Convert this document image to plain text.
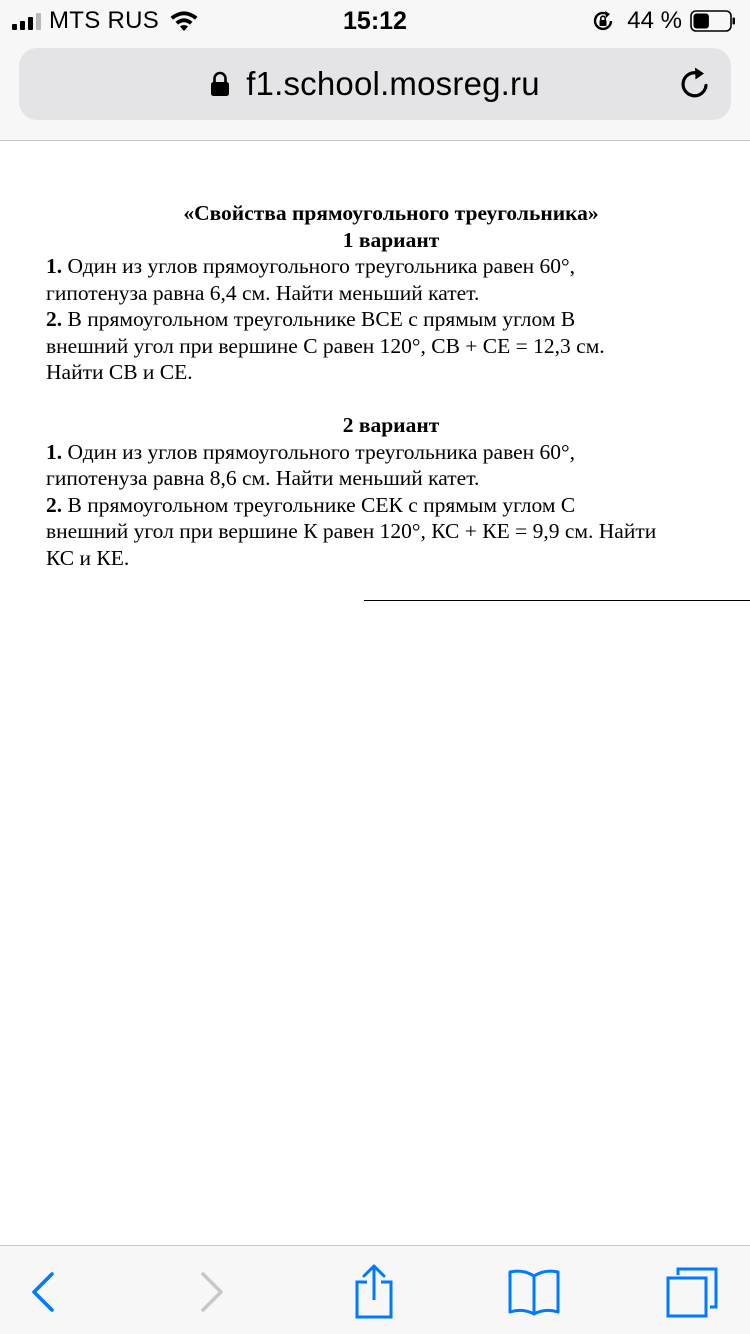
MTS RUS	15:12	44 %
f1.school.mosreg.ru
«Свойства прямоугольного треугольника»
1 вариант
1. Один из углов прямоугольного треугольника равен 60°,
гипотенуза равна 6,4 см. Найти меньший катет.
2. В прямоугольном треугольнике ВСЕ с прямым углом В
внешний угол при вершине С равен 120°, СВ + СЕ = 12,3 см.
Найти СВ и СЕ.
2 вариант
1. Один из углов прямоугольного треугольника равен 60°,
гипотенуза равна 8,6 см. Найти меньший катет.
2. В прямоугольном треугольнике СЕК с прямым углом С
внешний угол при вершине К равен 120°, КС + КЕ = 9,9 см. Найти
КС и КЕ.
